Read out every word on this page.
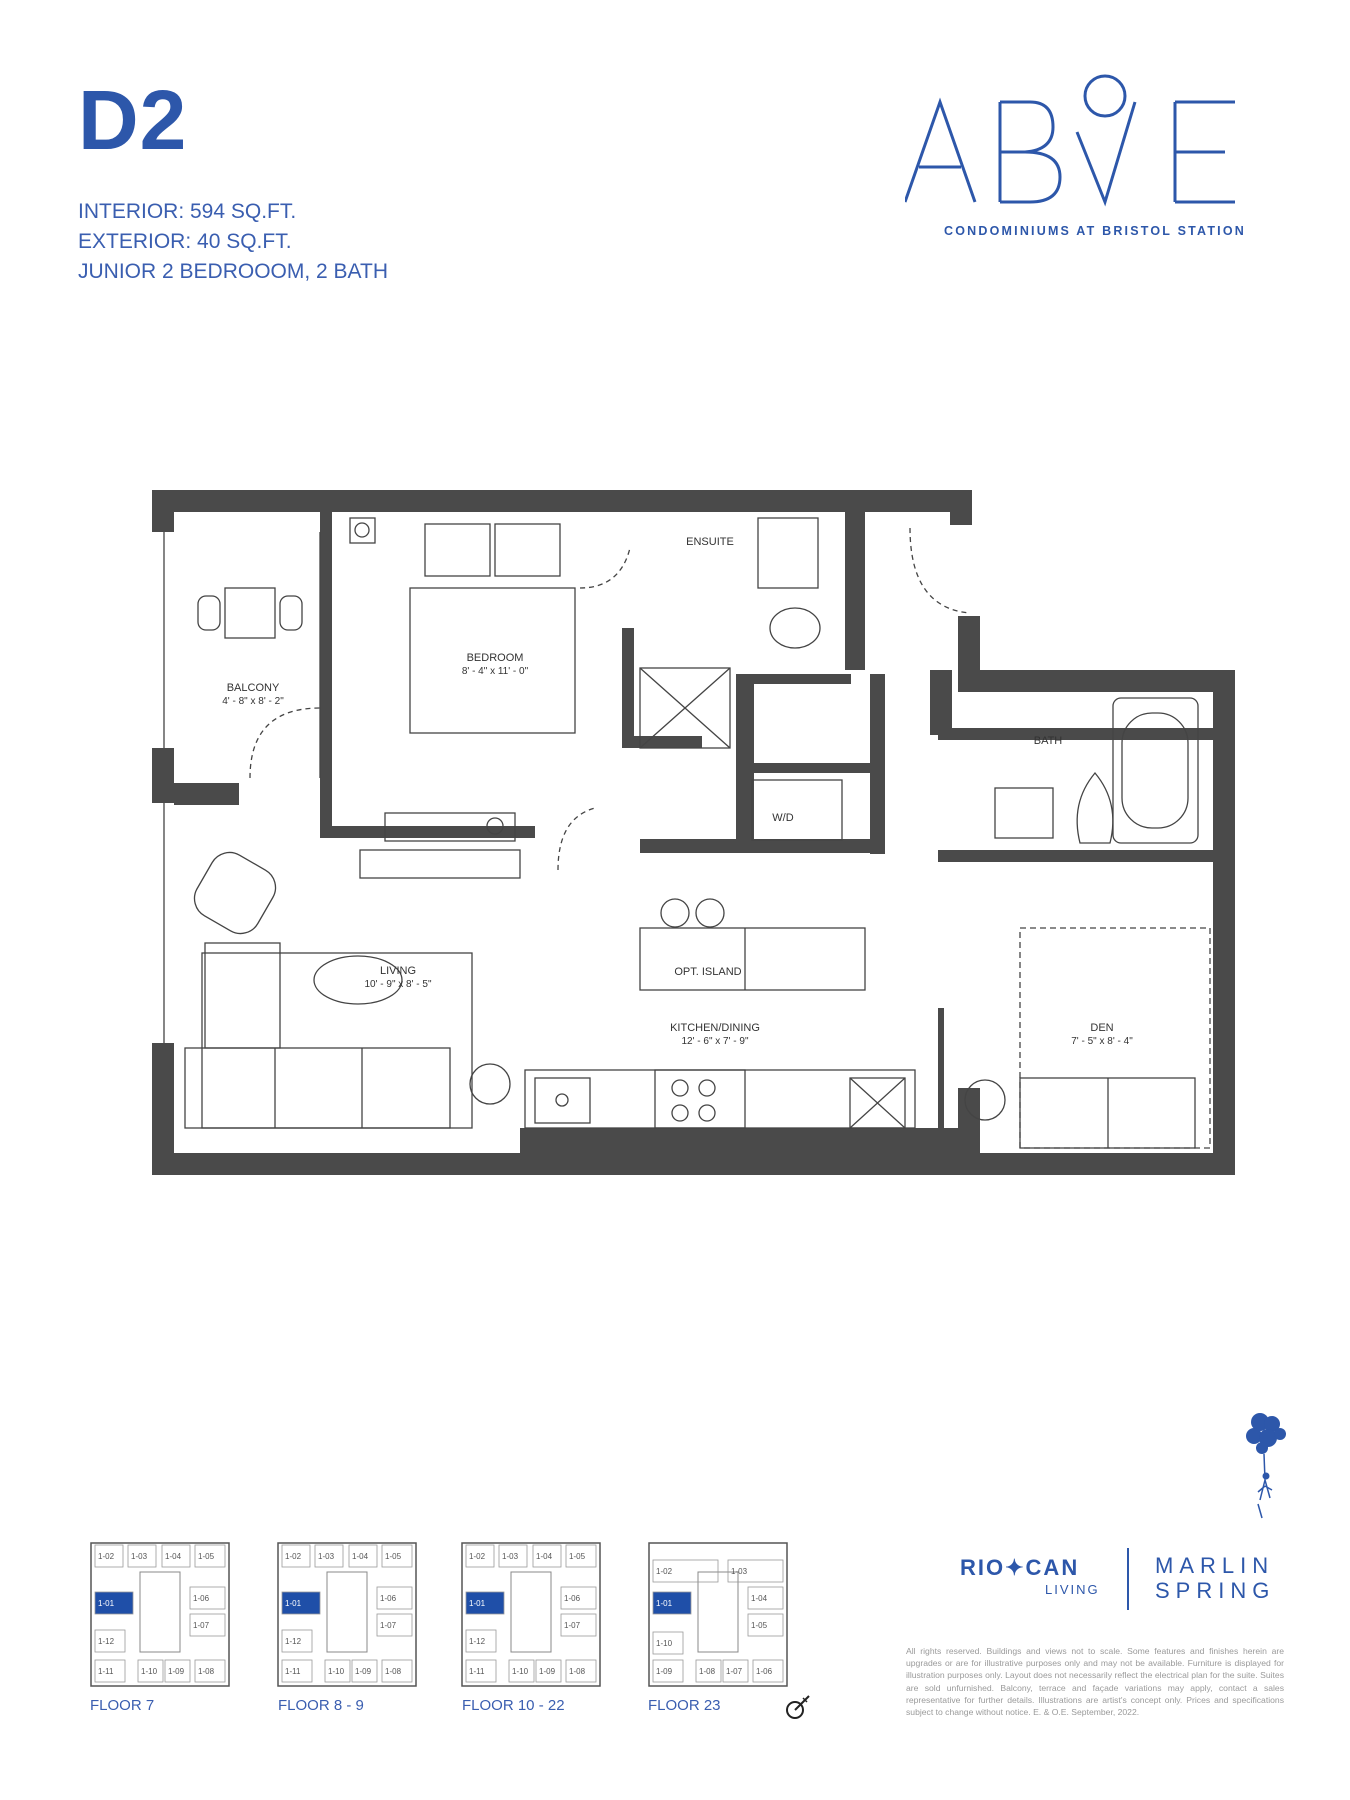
D2
INTERIOR: 594 SQ.FT.
EXTERIOR: 40 SQ.FT.
JUNIOR 2 BEDROOOM, 2 BATH
CONDOMINIUMS AT BRISTOL STATION
ENSUITE
BEDROOM
8' - 4" x 11' - 0"
BALCONY
4' - 8" x 8' - 2"
BATH
W/D
LIVING
10' - 9" x 8' - 5"
OPT. ISLAND
KITCHEN/DINING
12' - 6" x 7' - 9"
DEN
7' - 5" x 8' - 4"
1-02 1-03 1-04 1-05
1-01
1-06
1-07
1-12
1-11	1-10 1-09 1-08
1-02 1-03 1-04 1-05
1-01
1-06
1-07
1-12
1-11	1-10 1-09 1-08
1-02 1-03 1-04 1-05
1-01
1-06
1-07
1-12
1-11	1-10 1-09 1-08
1-02	1-03
1-01
1-04
1-05
1-10
1-09	1-08 1-07 1-06
FLOOR 7	FLOOR 8 - 9	FLOOR 10 - 22	FLOOR 23
RIO✦CAN
LIVING
MARLIN
SPRING
All rights reserved. Buildings and views not to scale. Some features and finishes herein are upgrades or are for illustrative purposes only and may not be available. Furniture is displayed for illustration purposes only. Layout does not necessarily reflect the electrical plan for the suite. Suites are sold unfurnished. Balcony, terrace and façade variations may apply, contact a sales representative for further details. Illustrations are artist's concept only. Prices and specifications subject to change without notice. E. & O.E. September, 2022.
